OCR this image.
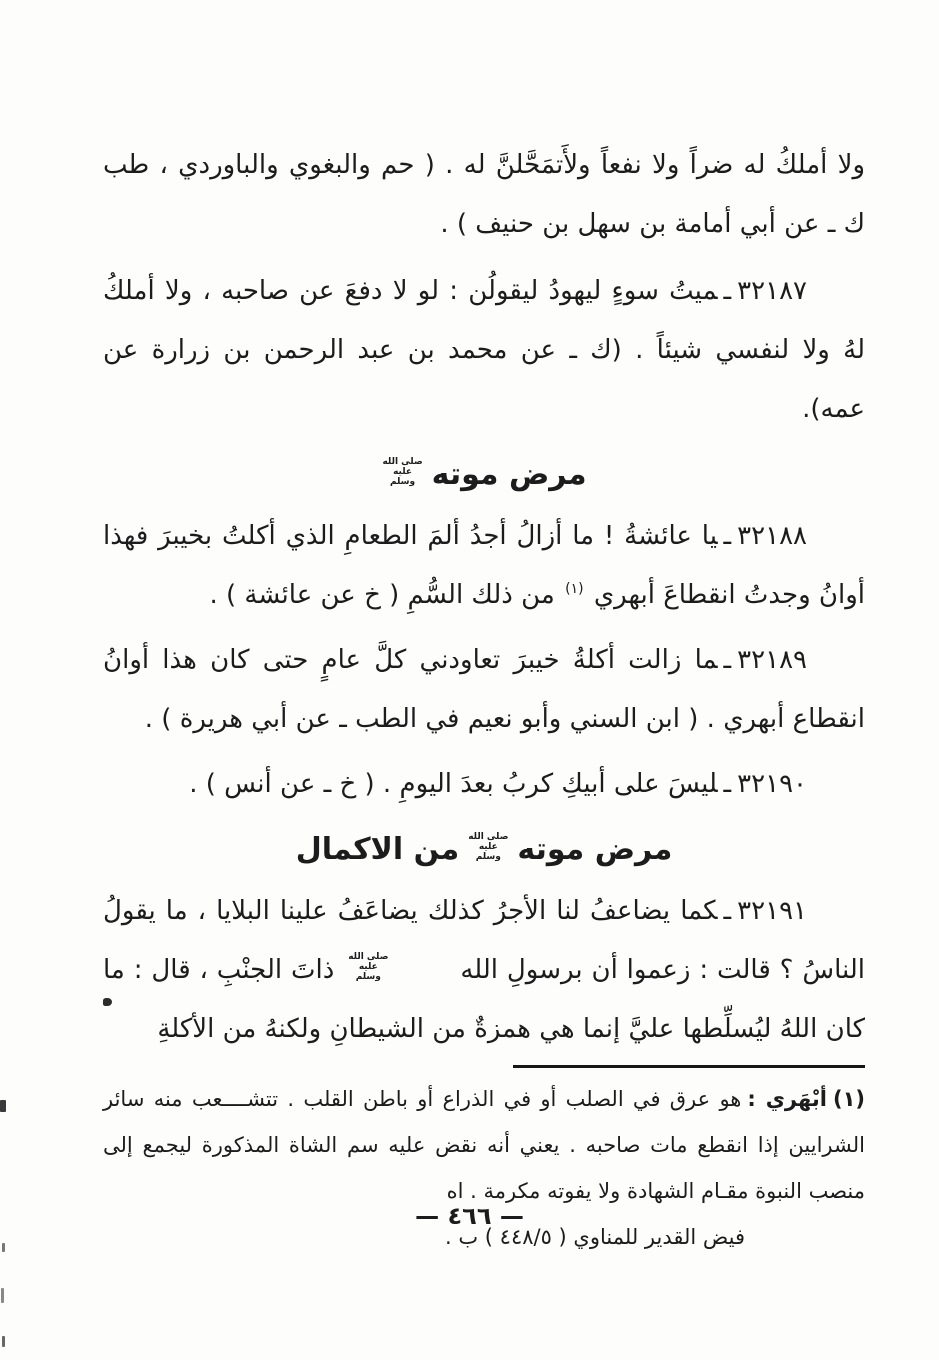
ولا أملكُ له ضراً ولا نفعاً ولأَتمَحَّلنَّ له . ( حم والبغوي والباوردي ، طب ك ـ عن أبي أمامة بن سهل بن حنيف ) .

٣٢١٨٧ـميتُ سوءٍ ليهودُ ليقولُن : لو لا دفعَ عن صاحبه ، ولا أملكُ لهُ ولا لنفسي شيئاً . (ك ـ عن محمد بن عبد الرحمن بن زرارة عن عمه).

مرض موته
صلى الله
عليه
وسلم

٣٢١٨٨ـيا عائشةُ ! ما أزالُ أجدُ ألمَ الطعامِ الذي أكلتُ بخيبرَ فهذا أوانُ وجدتُ انقطاعَ أبهري $^{(١)}$ من ذلك السُّمِ ( خ عن عائشة ) .

٣٢١٨٩ـما زالت أكلةُ خيبرَ تعاودني كلَّ عامٍ حتى كان هذا أوانُ انقطاع أبهري . ( ابن السني وأبو نعيم في الطب ـ عن أبي هريرة ) .

٣٢١٩٠ـليسَ على أبيكِ كربُ بعدَ اليومِ . ( خ ـ عن أنس ) .

مرض موته
صلى الله
عليه
وسلم
من الاكمال

٣٢١٩١ـكما يضاعفُ لنا الأجرُ كذلك يضاعَفُ علينا البلايا ، ما يقولُ الناسُ ؟ قالت : زعموا أن برسولِ الله
صلى الله
عليه
وسلم
ذاتَ الجنْبِ ، قال : ما كان اللهُ ليُسلِّطها عليَّ إنما هي همزةٌ من الشيطانِ ولكنهُ من الأكلةِ

(١)أبْهَري :هو عرق في الصلب أو في الذراع أو باطن القلب . تتشــــعب منه سائر الشرايين إذا انقطع مات صاحبه . يعني أنه نقض عليه سم الشاة المذكورة ليجمع إلى منصب النبوة مقـام الشهادة ولا يفوته مكرمة . اه

فيض القدير للمناوي ( ٤٤٨/٥ ) ب .

— ٤٦٦ —
